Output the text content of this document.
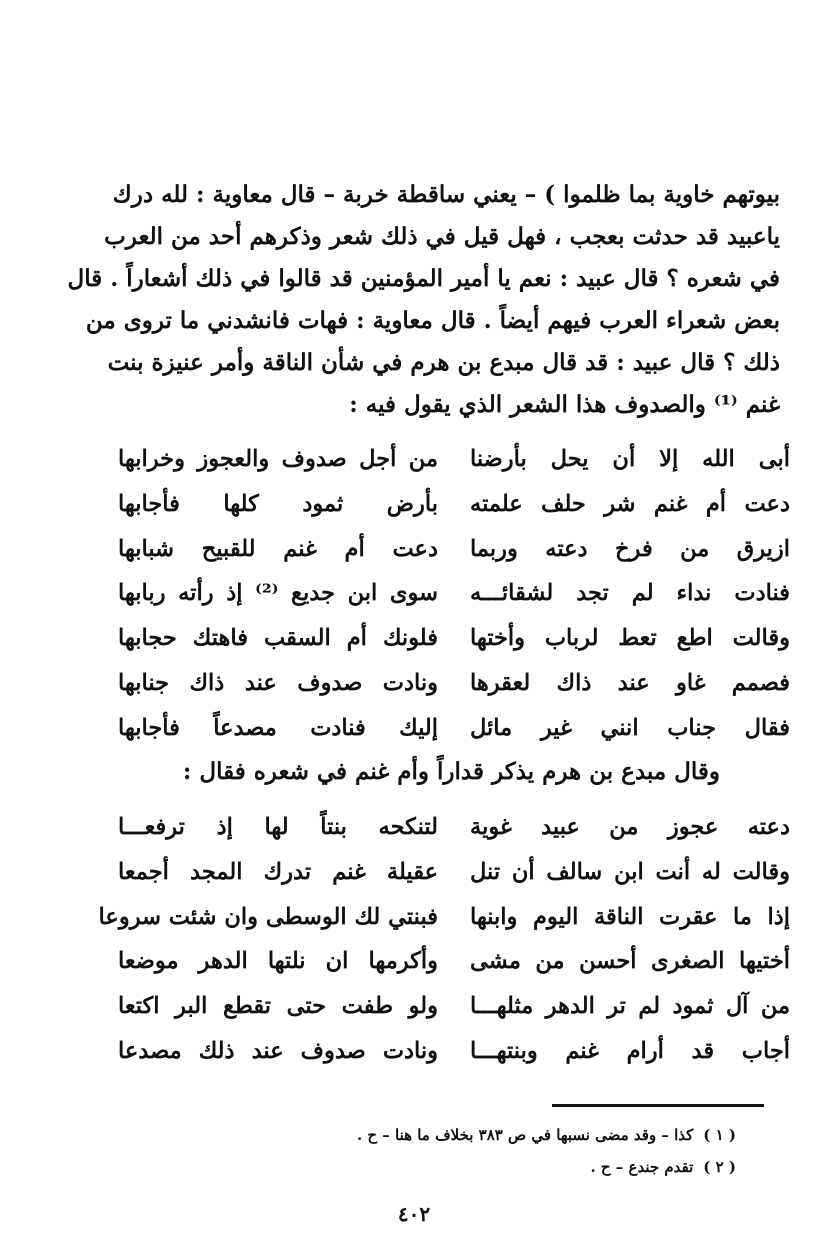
بيوتهم خاوية بما ظلموا ) – يعني ساقطة خربة – قال معاوية : لله درك
ياعبيد قد حدثت بعجب ، فهل قيل في ذلك شعر وذكرهم أحد من العرب
في شعره ؟ قال عبيد : نعم يا أمير المؤمنين قد قالوا في ذلك أشعاراً . قال
بعض شعراء العرب فيهم أيضاً . قال معاوية : فهات فانشدني ما تروى من
ذلك ؟ قال عبيد : قد قال مبدع بن هرم في شأن الناقة وأمر عنيزة بنت
غنم ⁽¹⁾ والصدوف هذا الشعر الذي يقول فيه :
أبى الله إلا أن يحل بأرضنا
من أجل صدوف والعجوز وخرابها
دعت أم غنم شر حلف علمته
بأرض ثمود كلها فأجابها
ازيرق من فرخ دعته وربما
دعت أم غنم للقبيح شبابها
فنادت نداء لم تجد لشقائـــه
سوى ابن جديع ⁽²⁾ إذ رأته ربابها
وقالت اطع تعط لرباب وأختها
فلونك أم السقب فاهتك حجابها
فصمم غاو عند ذاك لعقرها
ونادت صدوف عند ذاك جنابها
فقال جناب انني غير مائل
إليك فنادت مصدعاً فأجابها
وقال مبدع بن هرم يذكر قداراً وأم غنم في شعره فقال :
دعته عجوز من عبيد غوية
لتنكحه بنتاً لها إذ ترفعـــا
وقالت له أنت ابن سالف أن تنل
عقيلة غنم تدرك المجد أجمعا
إذا ما عقرت الناقة اليوم وابنها
فبنتي لك الوسطى وان شئت سروعا
أختيها الصغرى أحسن من مشى
وأكرمها ان نلتها الدهر موضعا
من آل ثمود لم تر الدهر مثلهـــا
ولو طفت حتى تقطع البر اكتعا
أجاب قد أرام غنم وبنتهـــا
ونادت صدوف عند ذلك مصدعا
( ١ )كذا – وقد مضى نسبها في ص ٣٨٣ بخلاف ما هنا – ح .
( ٢ )تقدم جندع – ح .
٤٠٢
